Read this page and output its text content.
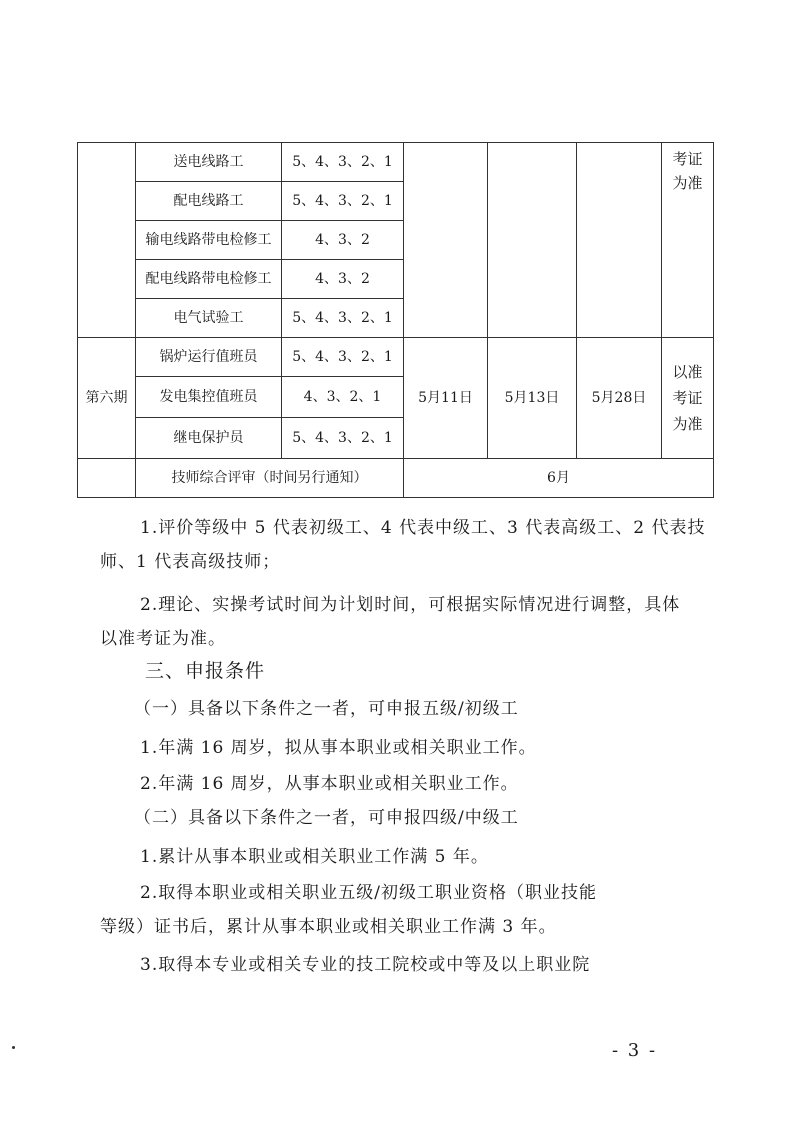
	送电线路工	5、4、3、2、1				考证为准
	配电线路工	5、4、3、2、1				
	输电线路带电检修工	4、3、2				
	配电线路带电检修工	4、3、2				
	电气试验工	5、4、3、2、1				
第六期	锅炉运行值班员	5、4、3、2、1	5月11日	5月13日	5月28日	以准考证为准
	发电集控值班员	4、3、2、1				
	继电保护员	5、4、3、2、1				
	技师综合评审（时间另行通知）		6月			

1.评价等级中 5 代表初级工、4 代表中级工、3 代表高级工、2 代表技

师、1 代表高级技师；

2.理论、实操考试时间为计划时间，可根据实际情况进行调整，具体

以准考证为准。

三、申报条件

（一）具备以下条件之一者，可申报五级/初级工

1.年满 16 周岁，拟从事本职业或相关职业工作。

2.年满 16 周岁，从事本职业或相关职业工作。

（二）具备以下条件之一者，可申报四级/中级工

1.累计从事本职业或相关职业工作满 5 年。

2.取得本职业或相关职业五级/初级工职业资格（职业技能

等级）证书后，累计从事本职业或相关职业工作满 3 年。

3.取得本专业或相关专业的技工院校或中等及以上职业院

- 3 -
